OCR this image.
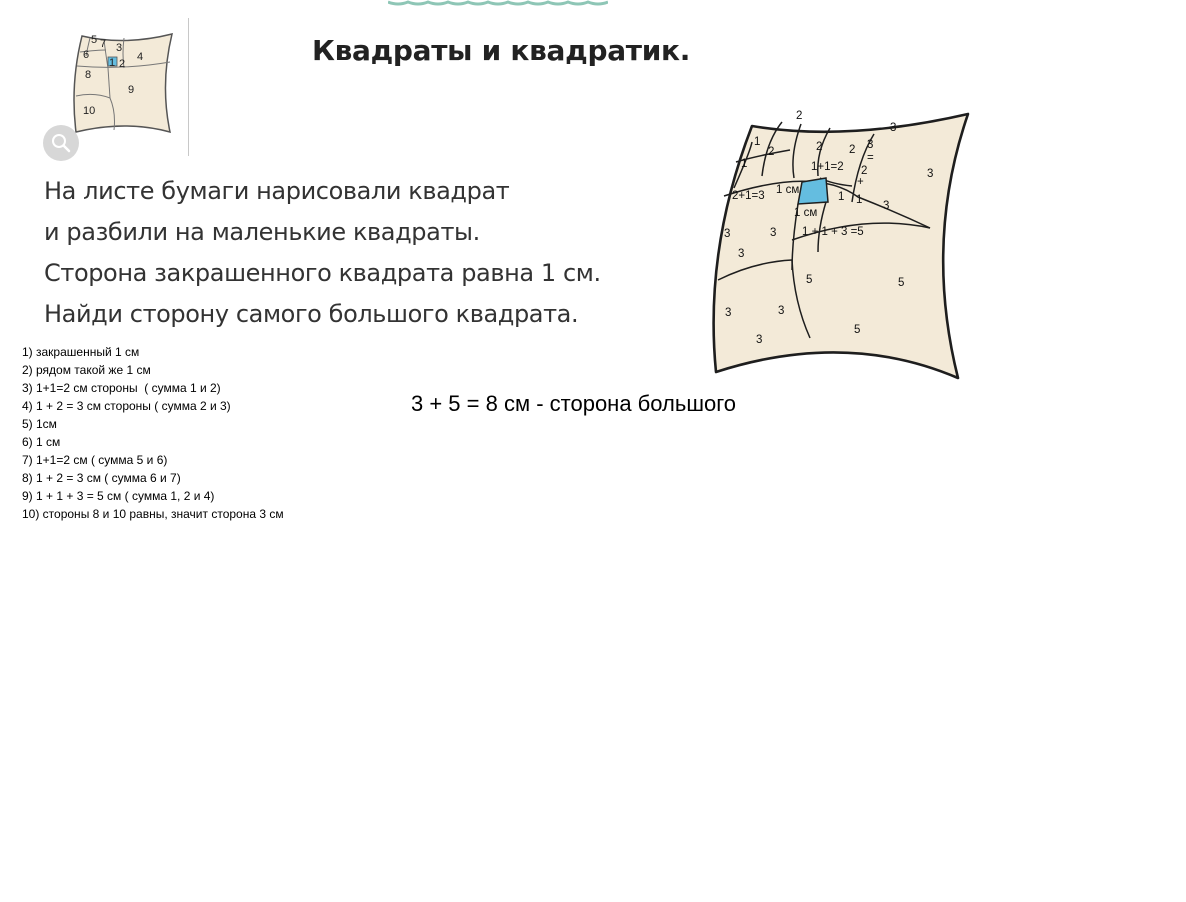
5 7 3
6	4
1 2
8
9
10
Квадраты и квадратик.

На листе бумаги нарисовали квадрат

и разбили на маленькие квадраты.

Сторона закрашенного квадрата равна 1 см.

Найди сторону самого большого квадрата.

1) закрашенный 1 см
2) рядом такой же 1 см
3) 1+1=2 см стороны  ( сумма 1 и 2)
4) 1 + 2 = 3 см стороны ( сумма 2 и 3)
5) 1см
6) 1 см
7) 1+1=2 см ( сумма 5 и 6)
8) 1 + 2 = 3 см ( сумма 6 и 7)
9) 1 + 1 + 3 = 5 см ( сумма 1, 2 и 4)
10) стороны 8 и 10 равны, значит сторона 3 см
2
3
1
2	2 2 3
=
1	1+1=2 2	3
+
2+1=3 1 см
1 1 3
1 см
1 + 1 + 3 =5
3	3
3
5	5
3	3
5
3

3 + 5 = 8 см - сторона большого
